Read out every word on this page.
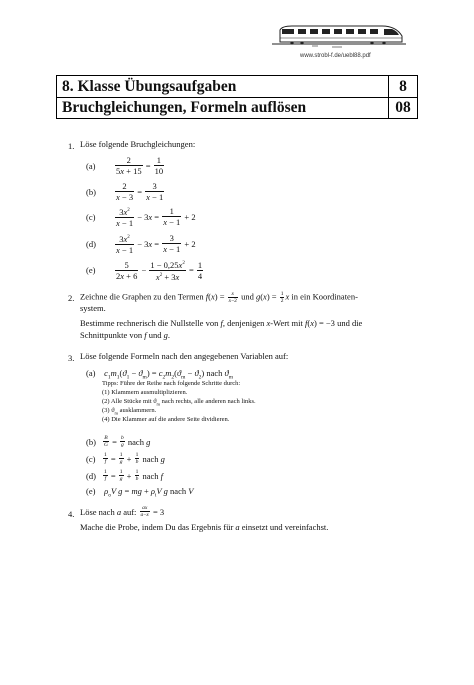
www.strobl-f.de/uebl88.pdf
8. Klasse Übungsaufgaben	8
Bruchgleichungen, Formeln auflösen	08
1. Löse folgende Bruchgleichungen:
(a)	$\frac{2}{5x + 15} = \frac{1}{10}$
(b)	$\frac{2}{x - 3} = \frac{3}{x - 1}$
(c)	$\frac{3x^2}{x - 1} - 3x = \frac{1}{x - 1} + 2$
(d)	$\frac{3x^2}{x - 1} - 3x = \frac{3}{x - 1} + 2$
(e)	$\frac{5}{2x + 6} - \frac{1 - 0,25x^2}{x^2 + 3x} = \frac{1}{4}$
2. Zeichne die Graphen zu den Termen $f(x) = \frac{x}{x-2}$ und $g(x) = \frac{1}{2}$ x in ein Koordinaten-
system.
Bestimme rechnerisch die Nullstelle von f, denjenigen x-Wert mit f(x) = −3 und die
Schnittpunkte von f und g.
3. Löse folgende Formeln nach den angegebenen Variablen auf:
(a) $c_1m_1(ϑ_1 - ϑ_m) = c_2m_2(ϑ_m - ϑ_2)$ nach $ϑ_m$
Tipps: Führe der Reihe nach folgende Schritte durch:
(1) Klammern ausmultiplizieren.
(2) Alle Stücke mit $ϑ_m$ nach rechts, alle anderen nach links.
(3) $ϑ_m$ ausklammern.
(4) Die Klammer auf die andere Seite dividieren.
(b)	$\frac{B}{G} = \frac{b}{g}$
nach g
(c)	$\frac{1}{f} = \frac{1}{g} + \frac{1}{b}$
nach g
(d)	$\frac{1}{f} = \frac{1}{g} + \frac{1}{b}$
nach f
(e) $\rho_oV$ g = mg + $\rho_iV$ g nach V
4. Löse nach a auf:
$\frac{ax}{a-x} = 3$
Mache die Probe, indem Du das Ergebnis für a einsetzt und vereinfachst.
